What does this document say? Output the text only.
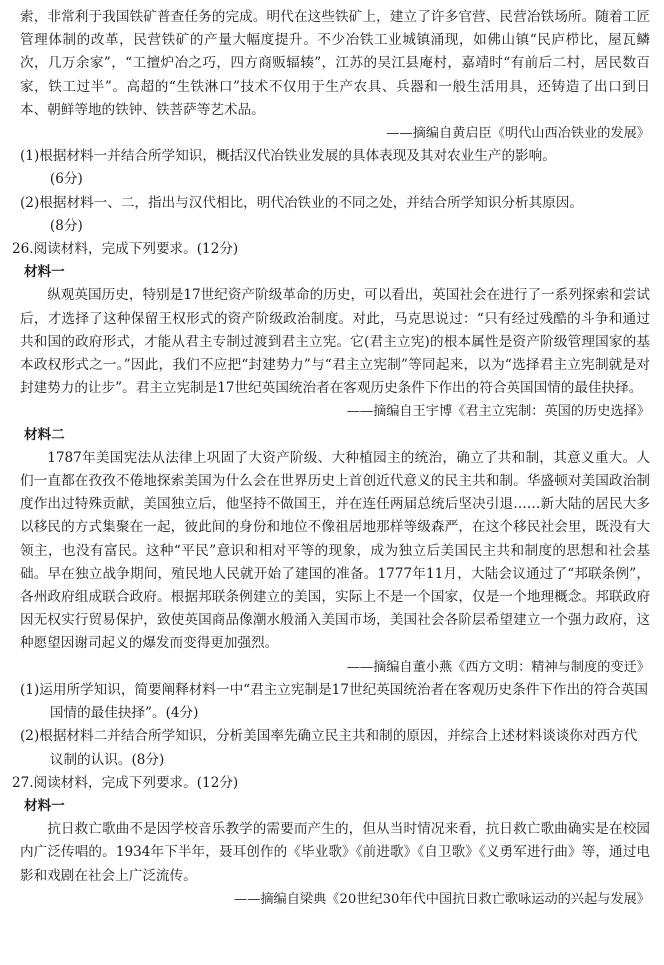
索，非常利于我国铁矿普查任务的完成。明代在这些铁矿上，建立了许多官营、民营冶铁场所。随着工匠管理体制的改革，民营铁矿的产量大幅度提升。不少冶铁工业城镇涌现，如佛山镇“民庐栉比，屋瓦鳞次，几万余家”，“工擅炉冶之巧，四方商贩辐辏”，江苏的吴江县庵村，嘉靖时“有前后二村，居民数百家，铁工过半”。高超的“生铁淋口”技术不仅用于生产农具、兵器和一般生活用具，还铸造了出口到日本、朝鲜等地的铁钟、铁菩萨等艺术品。

——摘编自黄启臣《明代山西冶铁业的发展》

(1)根据材料一并结合所学知识，概括汉代冶铁业发展的具体表现及其对农业生产的影响。
(6分)

(2)根据材料一、二，指出与汉代相比，明代冶铁业的不同之处，并结合所学知识分析其原因。
(8分)

26.阅读材料，完成下列要求。(12分)

材料一

纵观英国历史，特别是17世纪资产阶级革命的历史，可以看出，英国社会在进行了一系列探索和尝试后，才选择了这种保留王权形式的资产阶级政治制度。对此，马克思说过：“只有经过残酷的斗争和通过共和国的政府形式，才能从君主专制过渡到君主立宪。它(君主立宪)的根本属性是资产阶级管理国家的基本政权形式之一。”因此，我们不应把“封建势力”与“君主立宪制”等同起来，以为“选择君主立宪制就是对封建势力的让步”。君主立宪制是17世纪英国统治者在客观历史条件下作出的符合英国国情的最佳抉择。

——摘编自王宇博《君主立宪制：英国的历史选择》

材料二

1787年美国宪法从法律上巩固了大资产阶级、大种植园主的统治，确立了共和制，其意义重大。人们一直都在孜孜不倦地探索美国为什么会在世界历史上首创近代意义的民主共和制。华盛顿对美国政治制度作出过特殊贡献，美国独立后，他坚持不做国王，并在连任两届总统后坚决引退……新大陆的居民大多以移民的方式集聚在一起，彼此间的身份和地位不像祖居地那样等级森严，在这个移民社会里，既没有大领主，也没有富民。这种“平民”意识和相对平等的现象，成为独立后美国民主共和制度的思想和社会基础。早在独立战争期间，殖民地人民就开始了建国的准备。1777年11月，大陆会议通过了“邦联条例”，各州政府组成联合政府。根据邦联条例建立的美国，实际上不是一个国家，仅是一个地理概念。邦联政府因无权实行贸易保护，致使英国商品像潮水般涌入美国市场，美国社会各阶层希望建立一个强力政府，这种愿望因谢司起义的爆发而变得更加强烈。

——摘编自董小燕《西方文明：精神与制度的变迁》

(1)运用所学知识，简要阐释材料一中“君主立宪制是17世纪英国统治者在客观历史条件下作出的符合英国国情的最佳抉择”。(4分)

(2)根据材料二并结合所学知识，分析美国率先确立民主共和制的原因，并综合上述材料谈谈你对西方代议制的认识。(8分)

27.阅读材料，完成下列要求。(12分)

材料一

抗日救亡歌曲不是因学校音乐教学的需要而产生的，但从当时情况来看，抗日救亡歌曲确实是在校园内广泛传唱的。1934年下半年，聂耳创作的《毕业歌》《前进歌》《自卫歌》《义勇军进行曲》等，通过电影和戏剧在社会上广泛流传。

——摘编自梁典《20世纪30年代中国抗日救亡歌咏运动的兴起与发展》
